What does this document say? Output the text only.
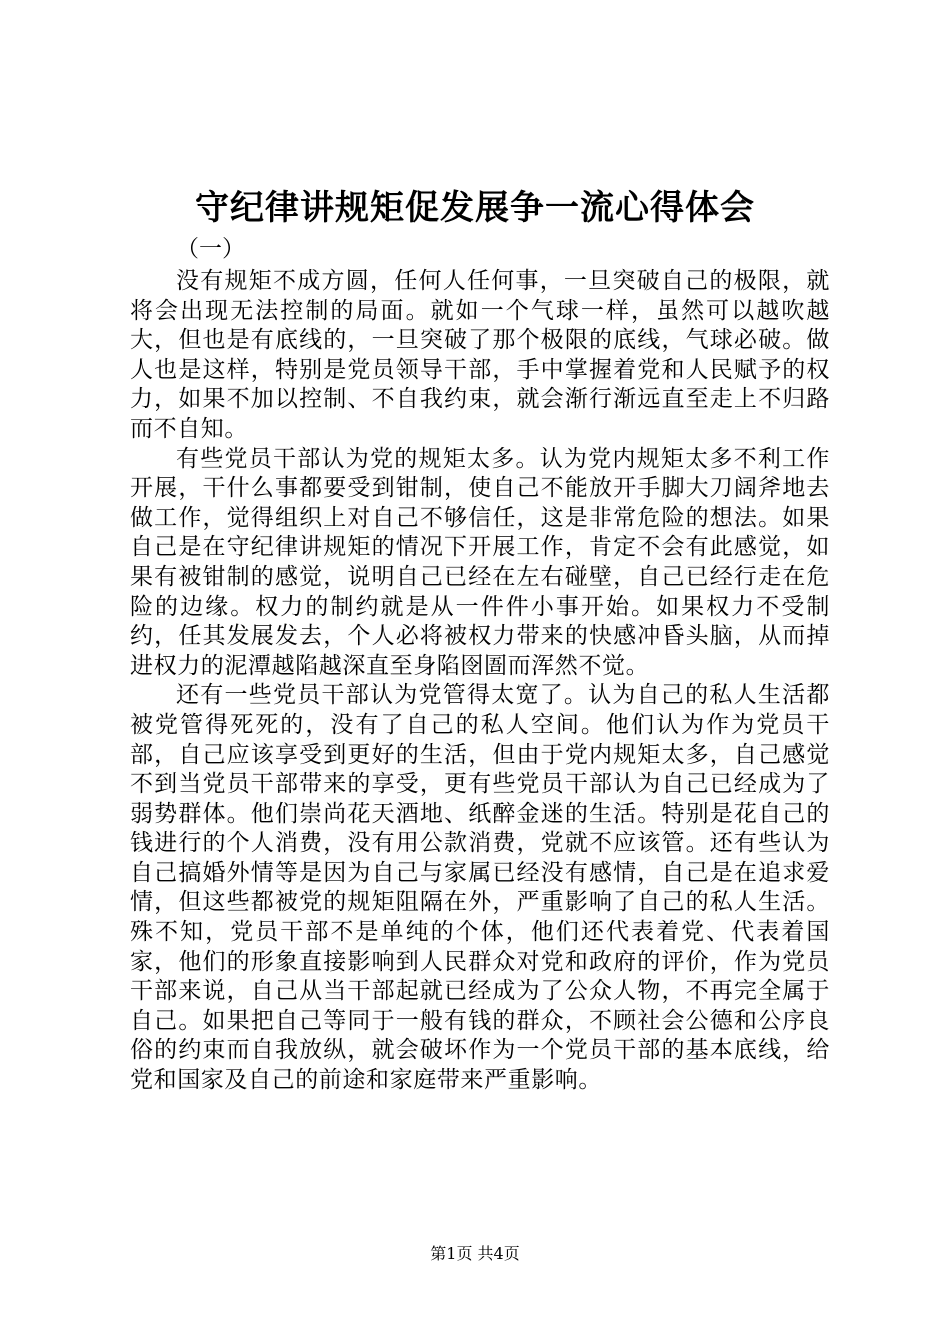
守纪律讲规矩促发展争一流心得体会

（一）

没有规矩不成方圆，任何人任何事，一旦突破自己的极限，就将会出现无法控制的局面。就如一个气球一样，虽然可以越吹越大，但也是有底线的，一旦突破了那个极限的底线，气球必破。做人也是这样，特别是党员领导干部，手中掌握着党和人民赋予的权力，如果不加以控制、不自我约束，就会渐行渐远直至走上不归路而不自知。

有些党员干部认为党的规矩太多。认为党内规矩太多不利工作开展，干什么事都要受到钳制，使自己不能放开手脚大刀阔斧地去做工作，觉得组织上对自己不够信任，这是非常危险的想法。如果自己是在守纪律讲规矩的情况下开展工作，肯定不会有此感觉，如果有被钳制的感觉，说明自己已经在左右碰壁，自己已经行走在危险的边缘。权力的制约就是从一件件小事开始。如果权力不受制约，任其发展发去，个人必将被权力带来的快感冲昏头脑，从而掉进权力的泥潭越陷越深直至身陷囹圄而浑然不觉。

还有一些党员干部认为党管得太宽了。认为自己的私人生活都被党管得死死的，没有了自己的私人空间。他们认为作为党员干部，自己应该享受到更好的生活，但由于党内规矩太多，自己感觉不到当党员干部带来的享受，更有些党员干部认为自己已经成为了弱势群体。他们崇尚花天酒地、纸醉金迷的生活。特别是花自己的钱进行的个人消费，没有用公款消费，党就不应该管。还有些认为自己搞婚外情等是因为自己与家属已经没有感情，自己是在追求爱情，但这些都被党的规矩阻隔在外，严重影响了自己的私人生活。殊不知，党员干部不是单纯的个体，他们还代表着党、代表着国家，他们的形象直接影响到人民群众对党和政府的评价，作为党员干部来说，自己从当干部起就已经成为了公众人物，不再完全属于自己。如果把自己等同于一般有钱的群众，不顾社会公德和公序良俗的约束而自我放纵，就会破坏作为一个党员干部的基本底线，给党和国家及自己的前途和家庭带来严重影响。

第1页 共4页
